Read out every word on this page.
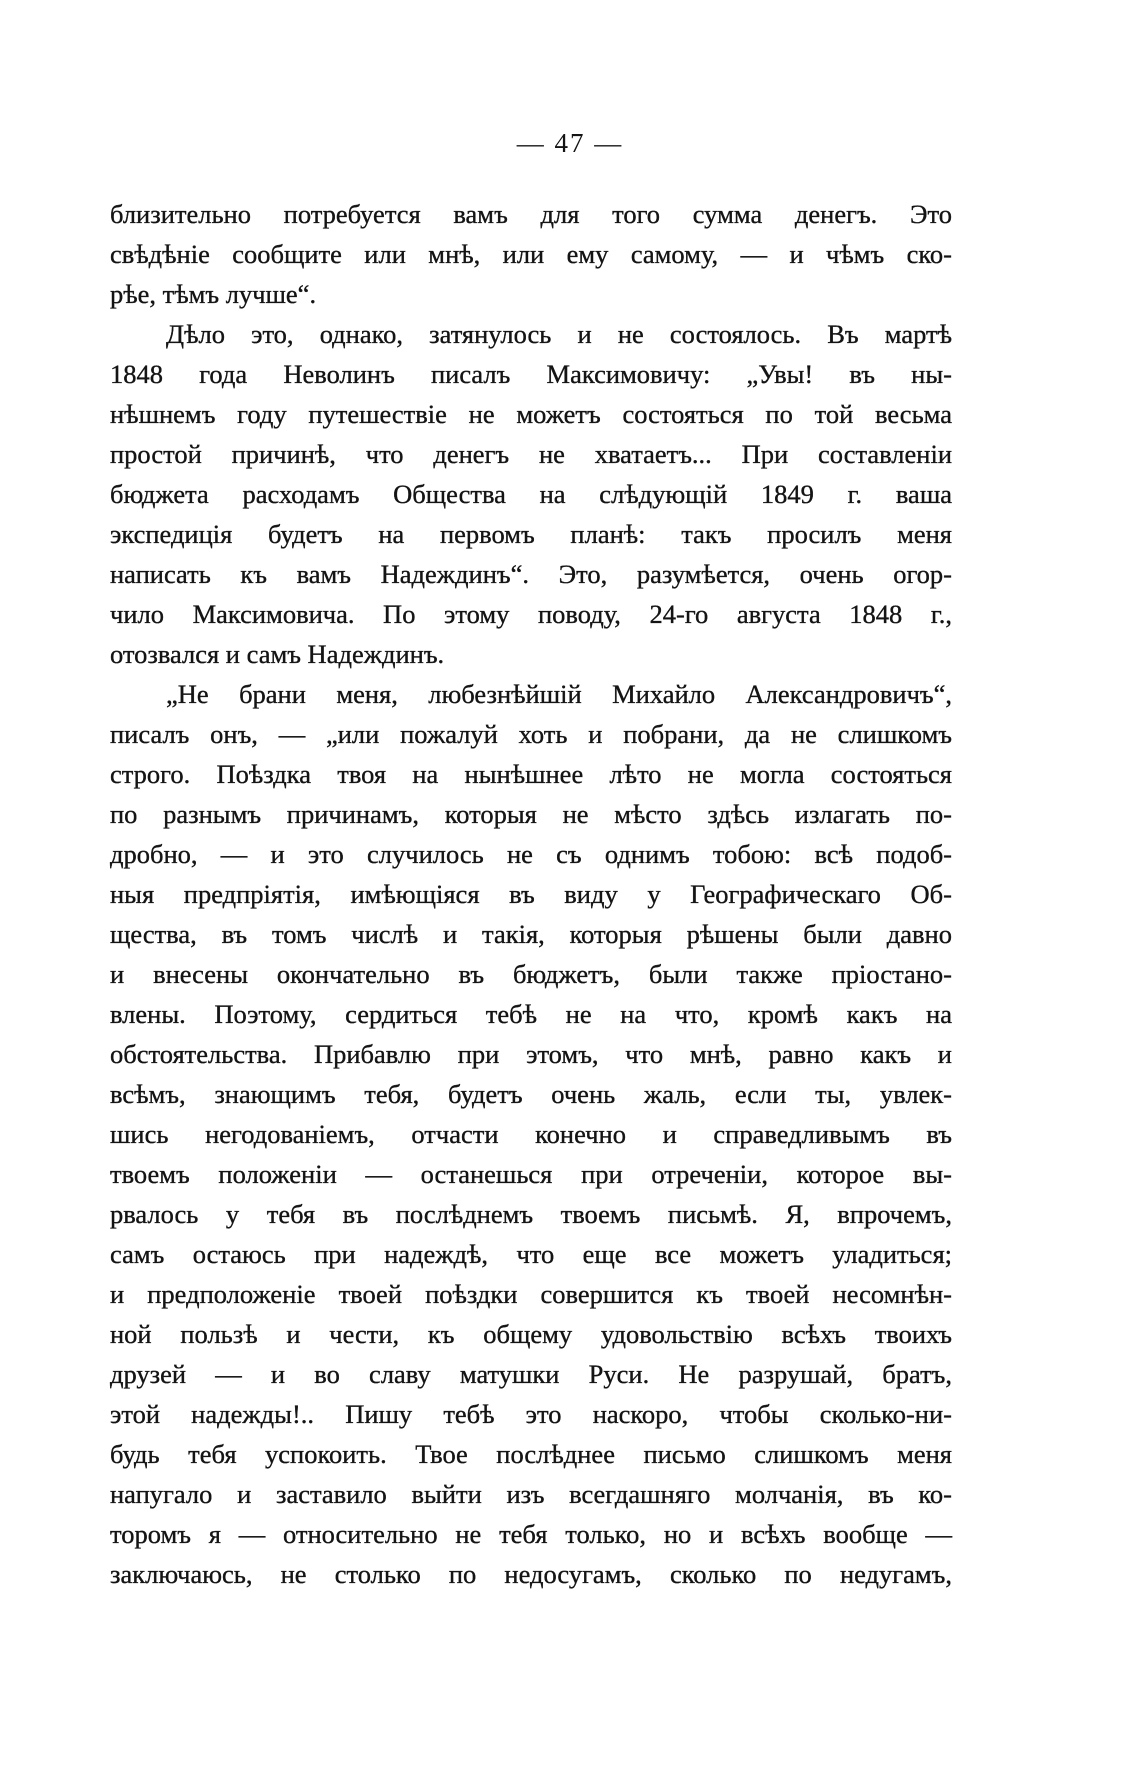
— 47 —
близительно потребуется вамъ для того сумма денегъ. Это
свѣдѣніе сообщите или мнѣ, или ему самому, — и чѣмъ ско-
рѣе, тѣмъ лучше“.
Дѣло это, однако, затянулось и не состоялось. Въ мартѣ
1848 года Неволинъ писалъ Максимовичу: „Увы! въ ны-
нѣшнемъ году путешествіе не можетъ состояться по той весьма
простой причинѣ, что денегъ не хватаетъ... При составленіи
бюджета расходамъ Общества на слѣдующій 1849 г. ваша
экспедиція будетъ на первомъ планѣ: такъ просилъ меня
написать къ вамъ Надеждинъ“. Это, разумѣется, очень огор-
чило Максимовича. По этому поводу, 24-го августа 1848 г.,
отозвался и самъ Надеждинъ.
„Не брани меня, любезнѣйшій Михайло Александровичъ“,
писалъ онъ, — „или пожалуй хоть и побрани, да не слишкомъ
строго. Поѣздка твоя на нынѣшнее лѣто не могла состояться
по разнымъ причинамъ, которыя не мѣсто здѣсь излагать по-
дробно, — и это случилось не съ однимъ тобою: всѣ подоб-
ныя предпріятія, имѣющіяся въ виду у Географическаго Об-
щества, въ томъ числѣ и такія, которыя рѣшены были давно
и внесены окончательно въ бюджетъ, были также пріостано-
влены. Поэтому, сердиться тебѣ не на что, кромѣ какъ на
обстоятельства. Прибавлю при этомъ, что мнѣ, равно какъ и
всѣмъ, знающимъ тебя, будетъ очень жаль, если ты, увлек-
шись негодованіемъ, отчасти конечно и справедливымъ въ
твоемъ положеніи — останешься при отреченіи, которое вы-
рвалось у тебя въ послѣднемъ твоемъ письмѣ. Я, впрочемъ,
самъ остаюсь при надеждѣ, что еще все можетъ уладиться;
и предположеніе твоей поѣздки совершится къ твоей несомнѣн-
ной пользѣ и чести, къ общему удовольствію всѣхъ твоихъ
друзей — и во славу матушки Руси. Не разрушай, братъ,
этой надежды!.. Пишу тебѣ это наскоро, чтобы сколько-ни-
будь тебя успокоить. Твое послѣднее письмо слишкомъ меня
напугало и заставило выйти изъ всегдашняго молчанія, въ ко-
торомъ я — относительно не тебя только, но и всѣхъ вообще —
заключаюсь, не столько по недосугамъ, сколько по недугамъ,
